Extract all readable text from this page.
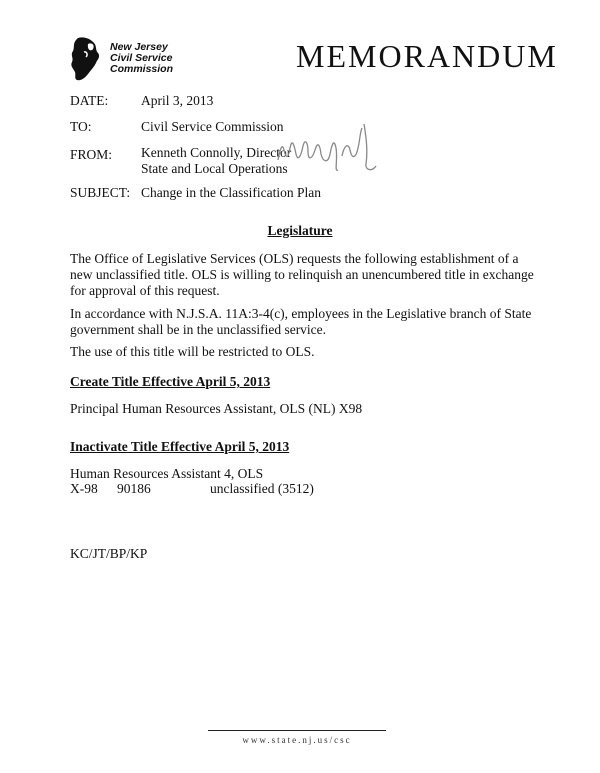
New Jersey
Civil Service
Commission	MEMORANDUM
DATE: April 3, 2013
TO:	Civil Service Commission
FROM: Kenneth Connolly, Director
State and Local Operations
SUBJECT: Change in the Classification Plan
Legislature
The Office of Legislative Services (OLS) requests the following establishment of a new unclassified title. OLS is willing to relinquish an unencumbered title in exchange for approval of this request.
In accordance with N.J.S.A. 11A:3-4(c), employees in the Legislative branch of State government shall be in the unclassified service.
The use of this title will be restricted to OLS.
Create Title Effective April 5, 2013
Principal Human Resources Assistant, OLS (NL) X98
Inactivate Title Effective April 5, 2013
Human Resources Assistant 4, OLS
X-98 90186	unclassified (3512)
KC/JT/BP/KP
www.state.nj.us/csc
